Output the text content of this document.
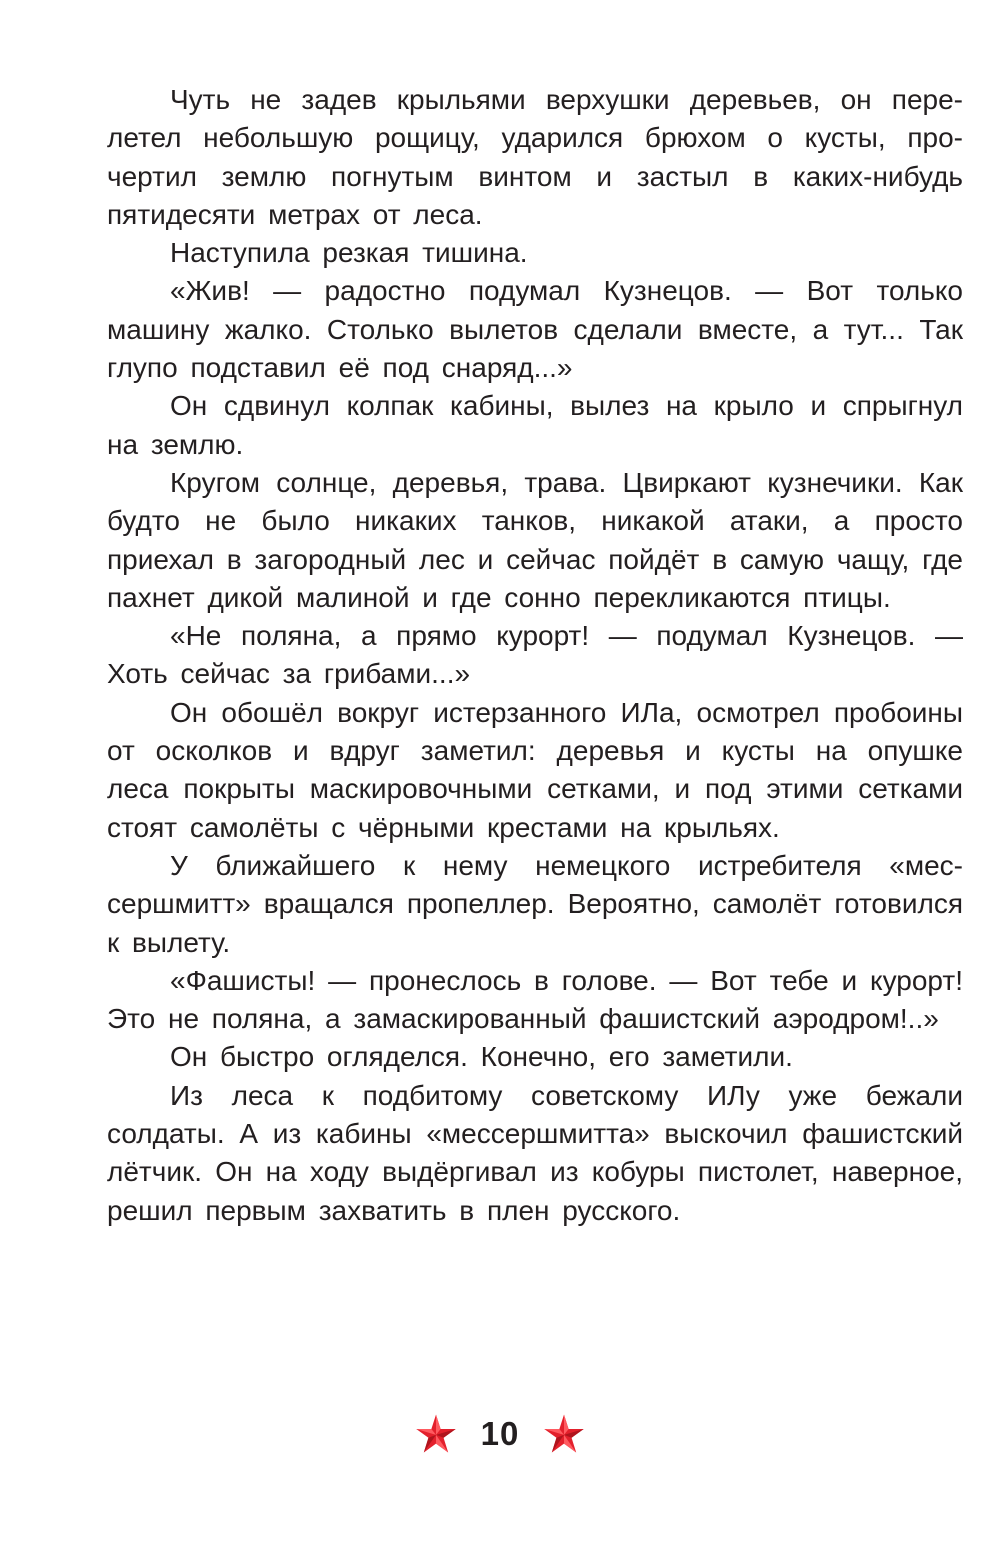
Чуть не задев крыльями верхушки деревьев, он перелетел небольшую рощицу, ударился брюхом о кусты, прочертил землю погнутым винтом и застыл в каких-нибудь пятидесяти метрах от леса.

Наступила резкая тишина.

«Жив! — радостно подумал Кузнецов. — Вот только машину жалко. Столько вылетов сделали вместе, а тут... Так глупо подставил её под снаряд...»

Он сдвинул колпак кабины, вылез на крыло и спрыгнул на землю.

Кругом солнце, деревья, трава. Цвиркают кузнечики. Как будто не было никаких танков, никакой атаки, а просто приехал в загородный лес и сейчас пойдёт в самую чащу, где пахнет дикой малиной и где сонно перекликаются птицы.

«Не поляна, а прямо курорт! — подумал Кузнецов. — Хоть сейчас за грибами...»

Он обошёл вокруг истерзанного ИЛа, осмотрел пробоины от осколков и вдруг заметил: деревья и кусты на опушке леса покрыты маскировочными сетками, и под этими сетками стоят самолёты с чёрными крестами на крыльях.

У ближайшего к нему немецкого истребителя «мессершмитт» вращался пропеллер. Вероятно, самолёт готовился к вылету.

«Фашисты! — пронеслось в голове. — Вот тебе и курорт! Это не поляна, а замаскированный фашистский аэродром!..»

Он быстро огляделся. Конечно, его заметили.

Из леса к подбитому советскому ИЛу уже бежали солдаты. А из кабины «мессершмитта» выскочил фашистский лётчик. Он на ходу выдёргивал из кобуры пистолет, наверное, решил первым захватить в плен русского.

10
